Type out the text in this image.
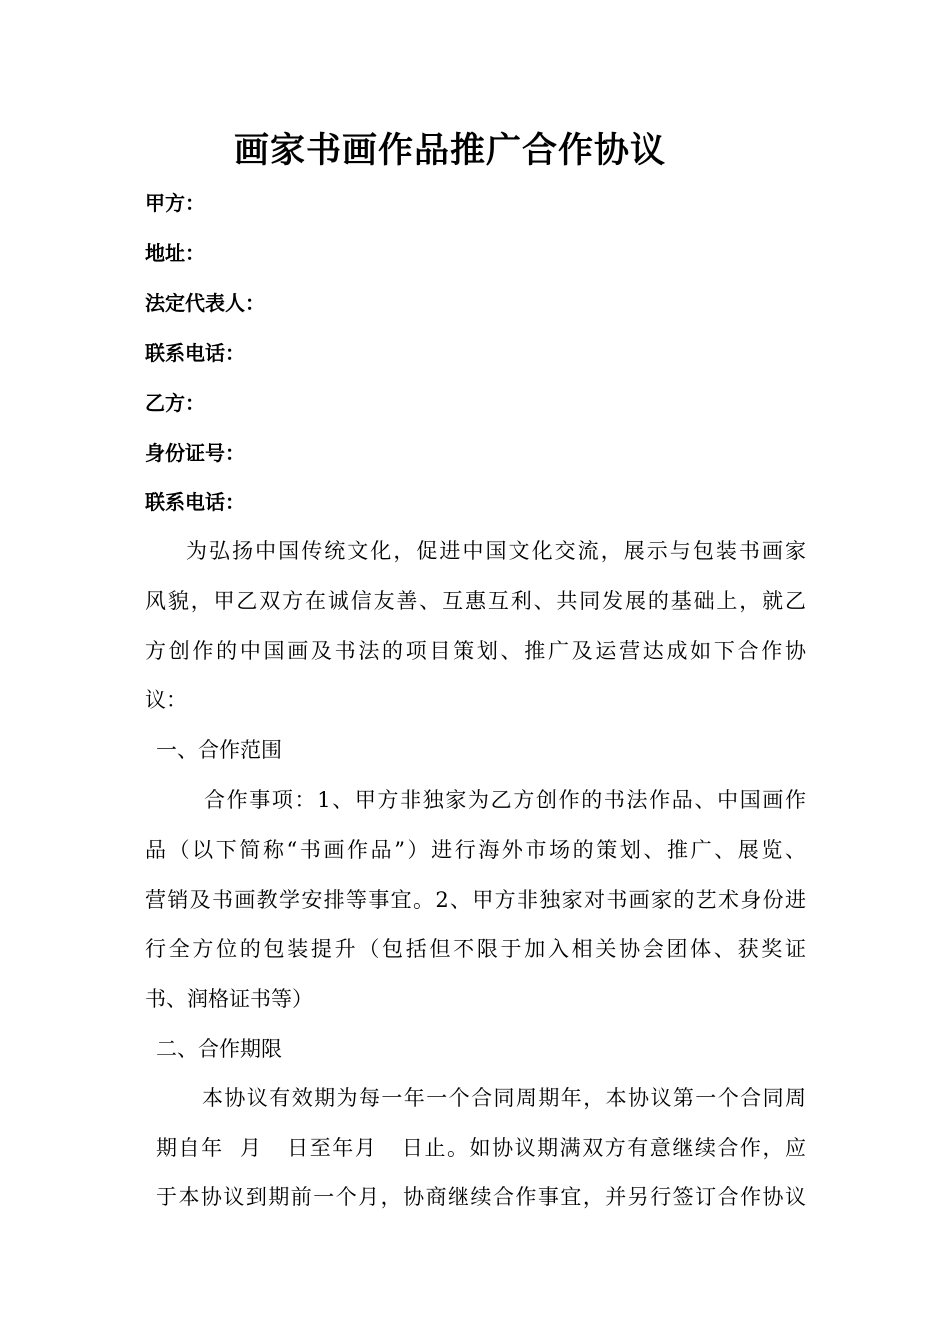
画家书画作品推广合作协议
甲方：
地址：
法定代表人：
联系电话：
乙方：
身份证号：
联系电话：
为弘扬中国传统文化，促进中国文化交流，展示与包装书画家
风貌，甲乙双方在诚信友善、互惠互利、共同发展的基础上，就乙
方创作的中国画及书法的项目策划、推广及运营达成如下合作协
议：
一、合作范围
合作事项：1、甲方非独家为乙方创作的书法作品、中国画作
品（以下简称“书画作品”）进行海外市场的策划、推广、展览、
营销及书画教学安排等事宜。2、甲方非独家对书画家的艺术身份进
行全方位的包装提升（包括但不限于加入相关协会团体、获奖证
书、润格证书等）
二、合作期限
本协议有效期为每一年一个合同周期年，本协议第一个合同周
期自年  月   日至年月   日止。如协议期满双方有意继续合作，应
于本协议到期前一个月，协商继续合作事宜，并另行签订合作协议
